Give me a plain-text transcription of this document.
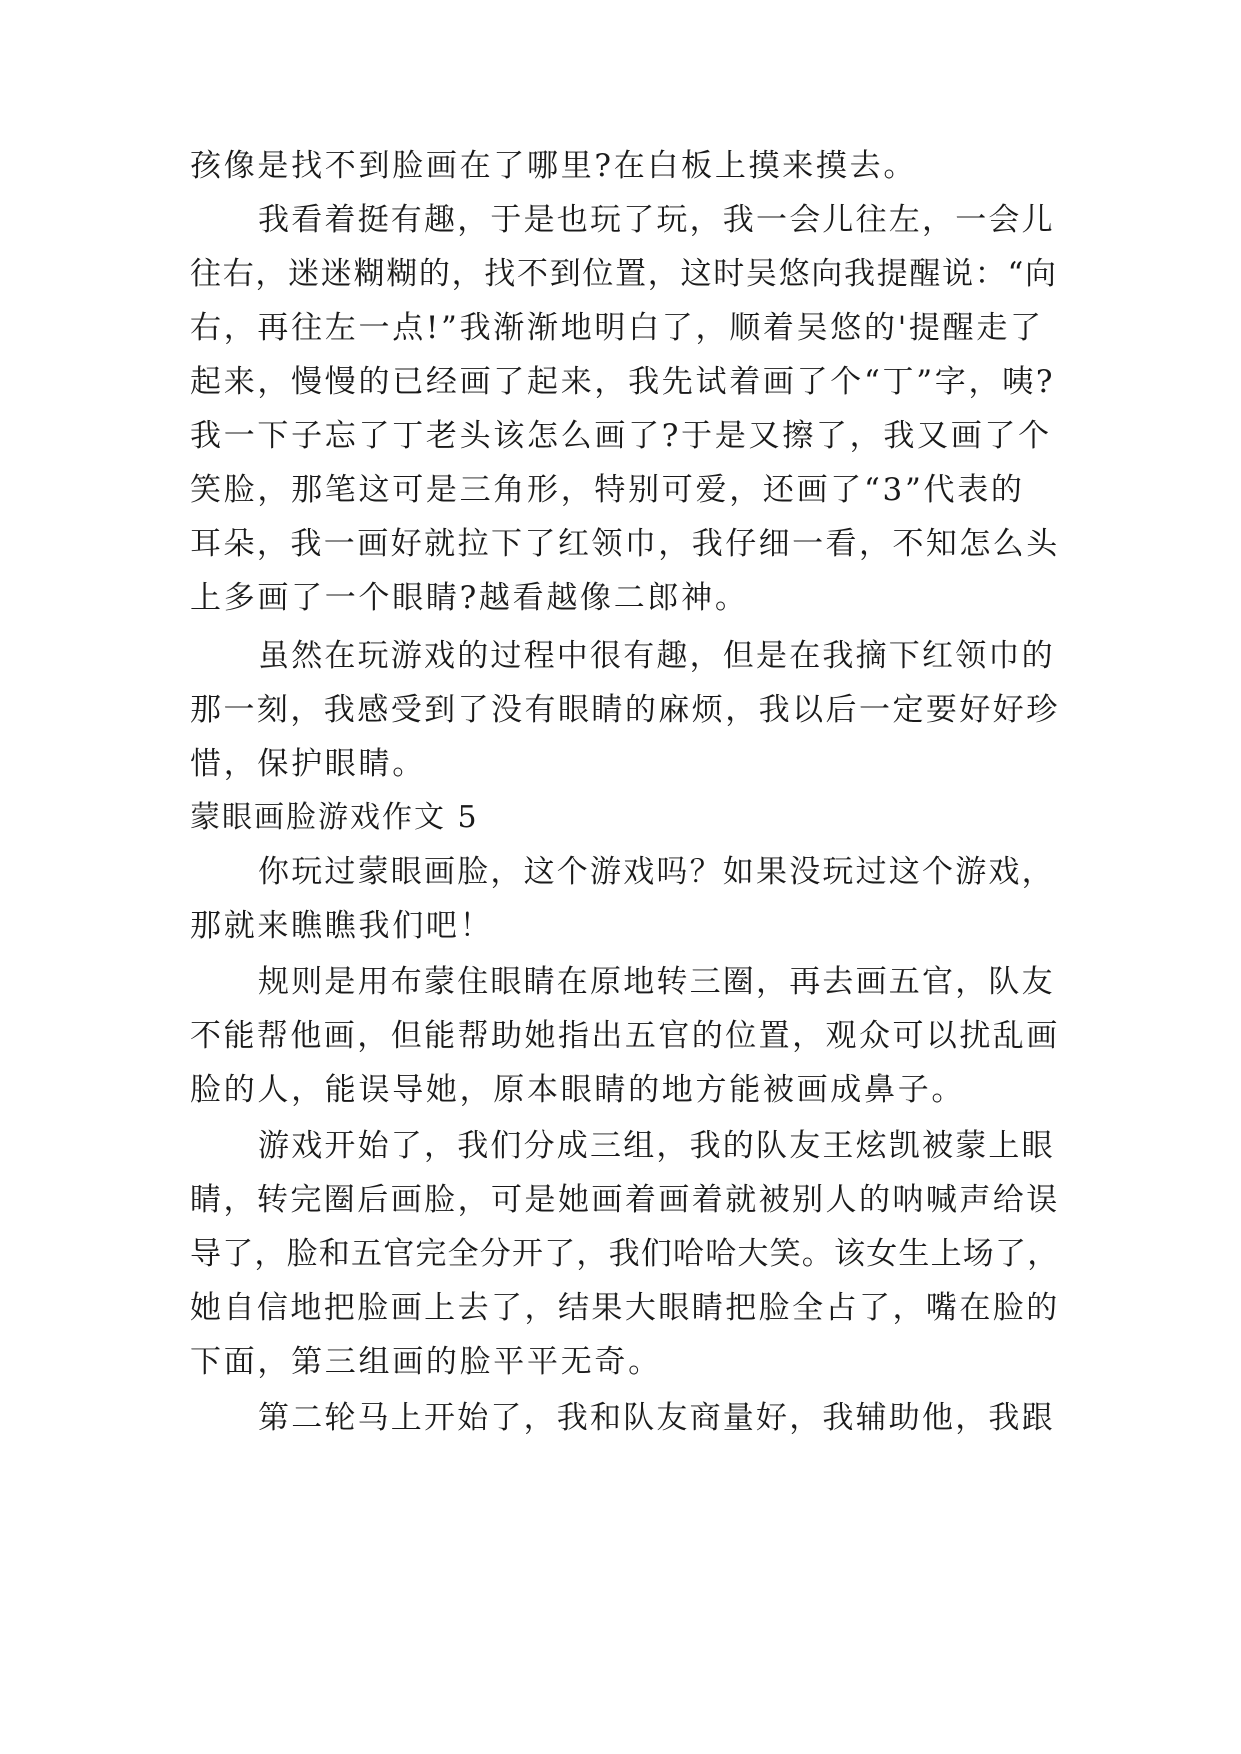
孩像是找不到脸画在了哪里?在白板上摸来摸去。
我看着挺有趣，于是也玩了玩，我一会儿往左，一会儿
往右，迷迷糊糊的，找不到位置，这时吴悠向我提醒说：“向
右，再往左一点!”我渐渐地明白了，顺着吴悠的'提醒走了
起来，慢慢的已经画了起来，我先试着画了个“丁”字，咦?
我一下子忘了丁老头该怎么画了?于是又擦了，我又画了个
笑脸，那笔这可是三角形，特别可爱，还画了“3”代表的
耳朵，我一画好就拉下了红领巾，我仔细一看，不知怎么头
上多画了一个眼睛?越看越像二郎神。
虽然在玩游戏的过程中很有趣，但是在我摘下红领巾的
那一刻，我感受到了没有眼睛的麻烦，我以后一定要好好珍
惜，保护眼睛。
蒙眼画脸游戏作文 5
你玩过蒙眼画脸，这个游戏吗？如果没玩过这个游戏，
那就来瞧瞧我们吧！
规则是用布蒙住眼睛在原地转三圈，再去画五官，队友
不能帮他画，但能帮助她指出五官的位置，观众可以扰乱画
脸的人，能误导她，原本眼睛的地方能被画成鼻子。
游戏开始了，我们分成三组，我的队友王炫凯被蒙上眼
睛，转完圈后画脸，可是她画着画着就被别人的呐喊声给误
导了，脸和五官完全分开了，我们哈哈大笑。该女生上场了，
她自信地把脸画上去了，结果大眼睛把脸全占了，嘴在脸的
下面，第三组画的脸平平无奇。
第二轮马上开始了，我和队友商量好，我辅助他，我跟
